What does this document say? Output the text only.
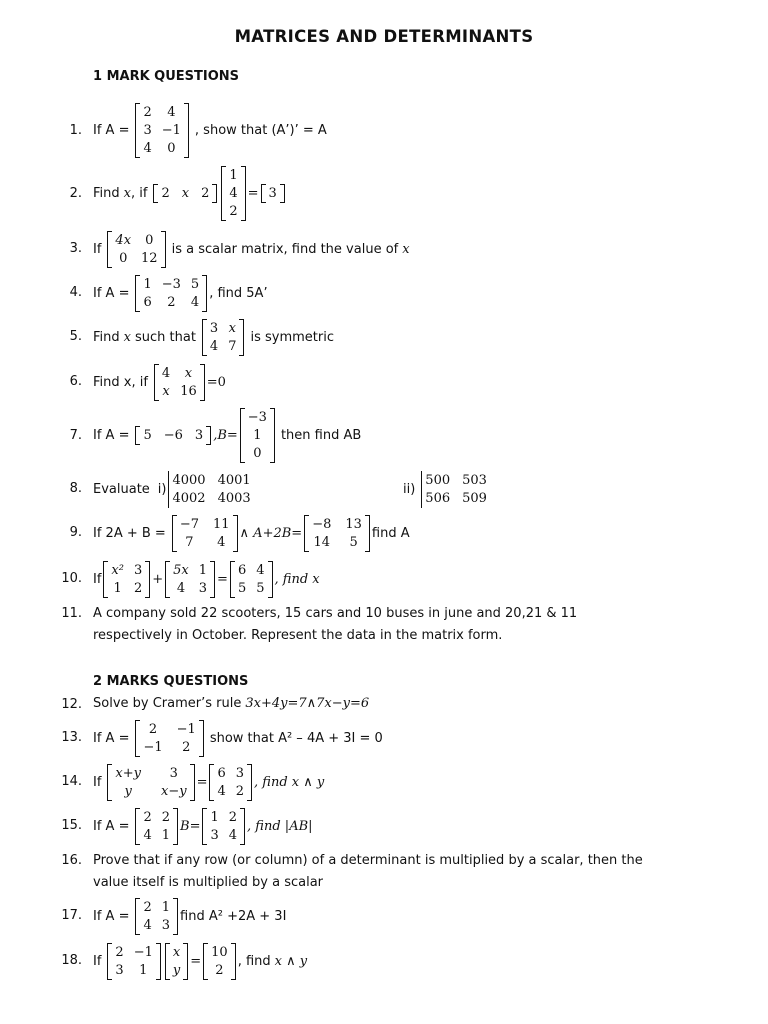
MATRICES AND DETERMINANTS
1 MARK QUESTIONS
1. If A =
2	4
3 −1
4	0
, show that (A’)’ = A
2. Find x , if 2 x 2
1
4
2
= 3
3. If
4x	0
0 12
is a scalar matrix, find the value of x
4. If A =
1 −3 5
6	2	4
, find 5A’
5. Find x such that
3 x
4 7
is symmetric
6. Find x, if
4	x
x 16
=0
7. If A = 5 −6 3 ,B=
−3
1
0
then find AB
8. Evaluate i)
4000 4001
4002 4003
ii)
500 503
506 509
9. If 2A + B =
−7 11
7	4
∧ A+2B=
−8 13
14	5
find A
10. If
x² 3
1 2
+
5x 1
4 3
=
6 4
5 5
, find x
11. A company sold 22 scooters, 15 cars and 10 buses in june and 20,21 & 11 respectively in October. Represent the data in the matrix form.
2 MARKS QUESTIONS
12. Solve by Cramer’s rule 3x+4y=7∧7x−y=6
13. If A =
2	−1
−1	2
show that A² – 4A + 3I = 0
14. If
x+y	3
y	x−y
=
6 3
4 2
, find x ∧ y
15. If A =
2 2
4 1
B=
1 2
3 4
, find |AB|
16. Prove that if any row (or column) of a determinant is multiplied by a scalar, then the value itself is multiplied by a scalar
17. If A =
2 1
4 3
find A² +2A + 3I
18. If
2 −1
3	1
x
y
=
10
2
, find x ∧ y
